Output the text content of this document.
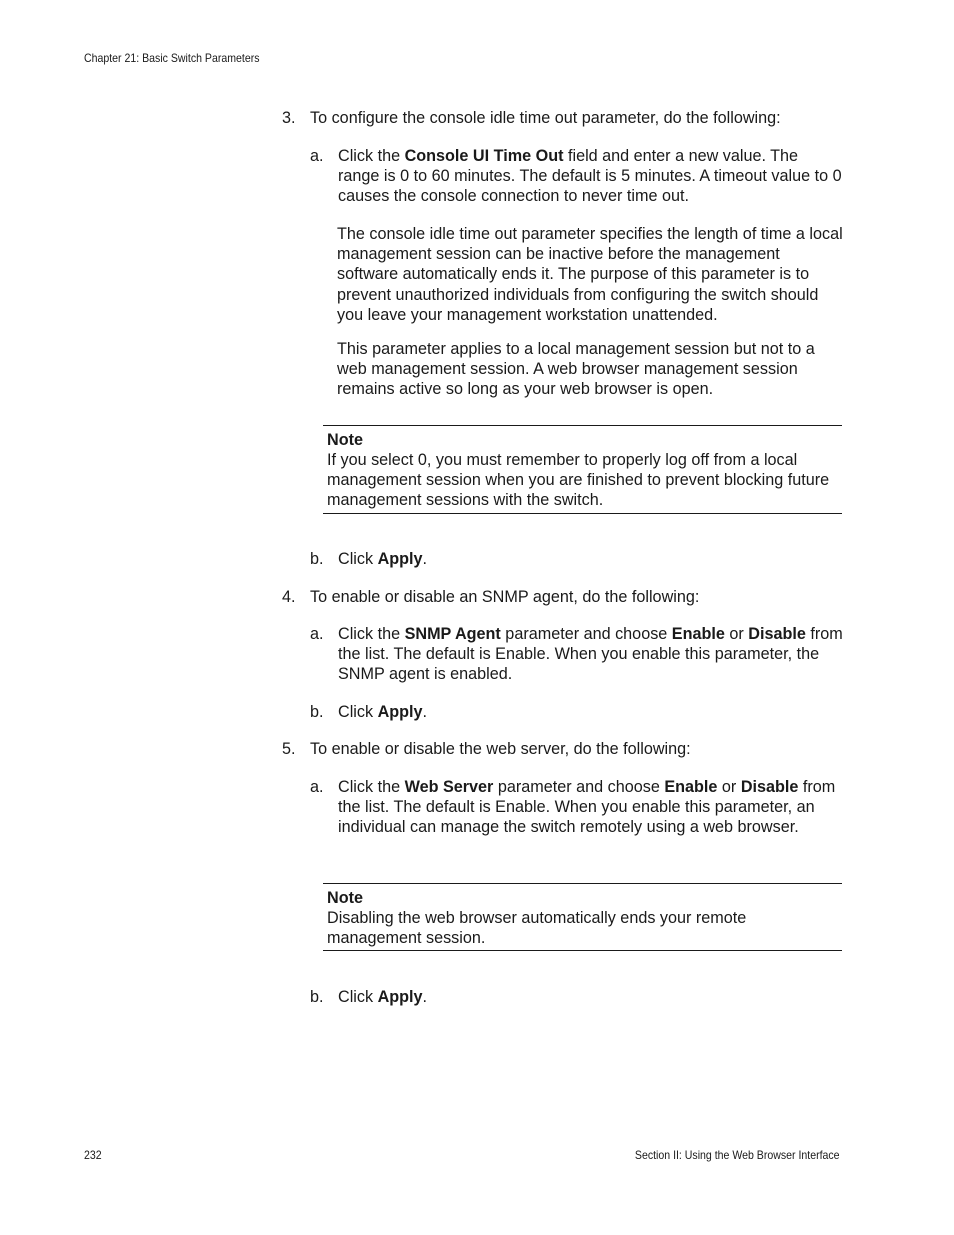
Chapter 21: Basic Switch Parameters
3. To configure the console idle time out parameter, do the following:
a. Click the Console UI Time Out field and enter a new value. The range is 0 to 60 minutes. The default is 5 minutes. A timeout value to 0 causes the console connection to never time out.
The console idle time out parameter specifies the length of time a local management session can be inactive before the management software automatically ends it. The purpose of this parameter is to prevent unauthorized individuals from configuring the switch should you leave your management workstation unattended.
This parameter applies to a local management session but not to a web management session. A web browser management session remains active so long as your web browser is open.
Note
If you select 0, you must remember to properly log off from a local management session when you are finished to prevent blocking future management sessions with the switch.
b. Click Apply.
4. To enable or disable an SNMP agent, do the following:
a. Click the SNMP Agent parameter and choose Enable or Disable from the list. The default is Enable. When you enable this parameter, the SNMP agent is enabled.
b. Click Apply.
5. To enable or disable the web server, do the following:
a. Click the Web Server parameter and choose Enable or Disable from the list. The default is Enable. When you enable this parameter, an individual can manage the switch remotely using a web browser.
Note
Disabling the web browser automatically ends your remote management session.
b. Click Apply.
232	Section II: Using the Web Browser Interface
